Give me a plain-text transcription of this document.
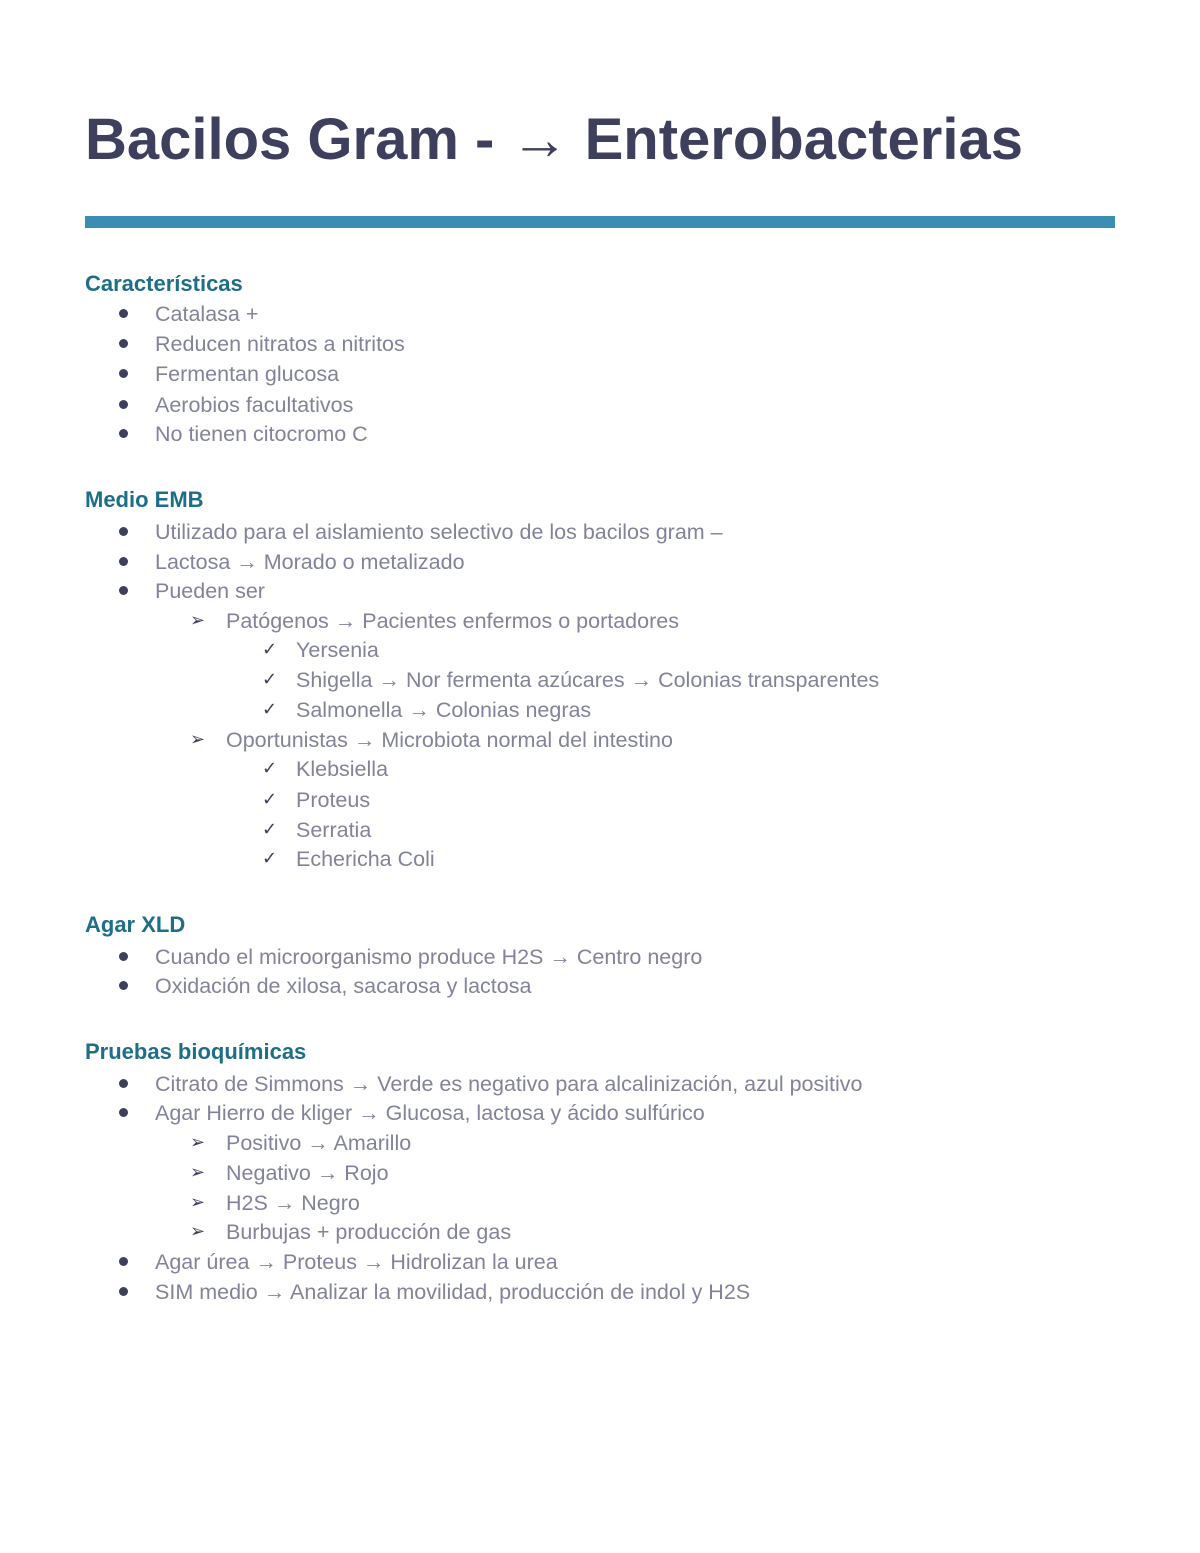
Bacilos Gram - → Enterobacterias
Características
Catalasa +
Reducen nitratos a nitritos
Fermentan glucosa
Aerobios facultativos
No tienen citocromo C
Medio EMB
Utilizado para el aislamiento selectivo de los bacilos gram –
Lactosa → Morado o metalizado
Pueden ser
➢ Patógenos → Pacientes enfermos o portadores
✓ Yersenia
✓ Shigella → Nor fermenta azúcares → Colonias transparentes
✓ Salmonella → Colonias negras
➢ Oportunistas → Microbiota normal del intestino
✓ Klebsiella
✓ Proteus
✓ Serratia
✓ Echericha Coli
Agar XLD
Cuando el microorganismo produce H2S → Centro negro
Oxidación de xilosa, sacarosa y lactosa
Pruebas bioquímicas
Citrato de Simmons → Verde es negativo para alcalinización, azul positivo
Agar Hierro de kliger → Glucosa, lactosa y ácido sulfúrico
➢ Positivo → Amarillo
➢ Negativo → Rojo
➢ H2S → Negro
➢ Burbujas + producción de gas
Agar úrea → Proteus → Hidrolizan la urea
SIM medio → Analizar la movilidad, producción de indol y H2S
